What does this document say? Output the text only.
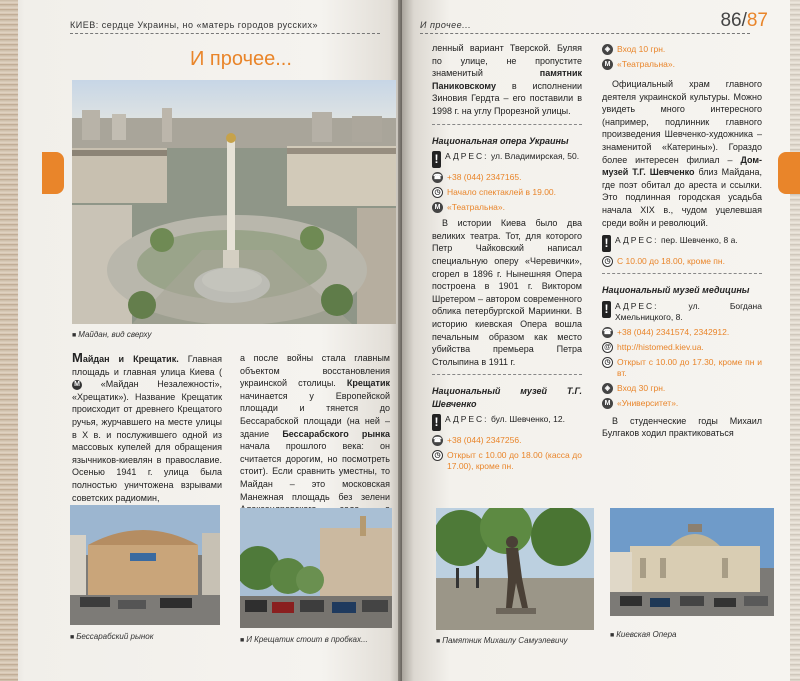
КИЕВ: сердце Украины, но «матерь городов русских»
И прочее...
■ Майдан, вид сверху
Майдан и Крещатик. Главная площадь и главная улица Киева (М «Майдан Незалежності», «Хрещатик»). Название Крещатик происходит от древнего Крещатого ручья, журчавшего на месте улицы в X в. и послужившего одной из массовых купелей для обращения язычников-киевлян в православие. Осенью 1941 г. улица была полностью уничтожена взрывами советских радиомин,
а после войны стала главным объектом восстановления украинской столицы. Крещатик начинается у Европейской площади и тянется до Бессарабской площади (на ней – здание Бессарабского рынка начала прошлого века: он считается дорогим, но посмотреть стоит). Если сравнить уместны, то Майдан – это московская Манежная площадь без зелени
■ Бессарабский рынок
■	И Крещатик стоит в пробках...
И прочее...	86/87
ленный вариант Тверской. Буляя по улице, не пропустите знаменитый памятник Паниковскому в исполнении Зиновия Гердта – его поставили в 1998 г. на углу Прорезной улицы.
Национальная опера Украины
! АДРЕС: ул. Владимирская, 50.
☎ +38 (044) 2347165.
◷ Начало спектаклей в 19.00.
M «Театральна».
В истории Киева было два великих театра. Тот, для которого Петр Чайковский написал специальную оперу «Черевички», сгорел в 1896 г. Нынешняя Опера построена в 1901 г. Виктором Шретером – автором современного облика петербургской Мариинки. В историю киевская Опера вошла печальным образом как место убийства премьера Петра Столыпина в 1911 г.
Национальный музей Т.Г. Шевченко
! АДРЕС: бул. Шевченко, 12.
☎ +38 (044) 2347256.
◷ Открыт с 10.00 до 18.00 (касса до 17.00), кроме пн.
◈ Вход 10 грн.
M «Театральна».
Официальный храм главного деятеля украинской культуры. Можно увидеть много интересного (например, подлинник главного произведения Шевченко-художника – знаменитой «Катерины»). Гораздо более интересен филиал – Дом-музей Т.Г. Шевченко близ Майдана, где поэт обитал до ареста и ссылки. Это подлинная городская усадьба начала XIX в., чудом уцелевшая среди войн и революций.
! АДРЕС: пер. Шевченко, 8 а.
◷ С 10.00 до 18.00, кроме пн.
Национальный музей медицины
! АДРЕС:	ул. Богдана Хмельницкого, 8.
☎ +38 (044) 2341574, 2342912.
@ http://histomed.kiev.ua.
◷ Открыт с 10.00 до 17.30, кроме пн и вт.
◈ Вход 30 грн.
M «Университет».
В студенческие годы Михаил Булгаков ходил практиковаться
■ Памятник Михаилу Самуэлевичу
■ Киевская Опера
